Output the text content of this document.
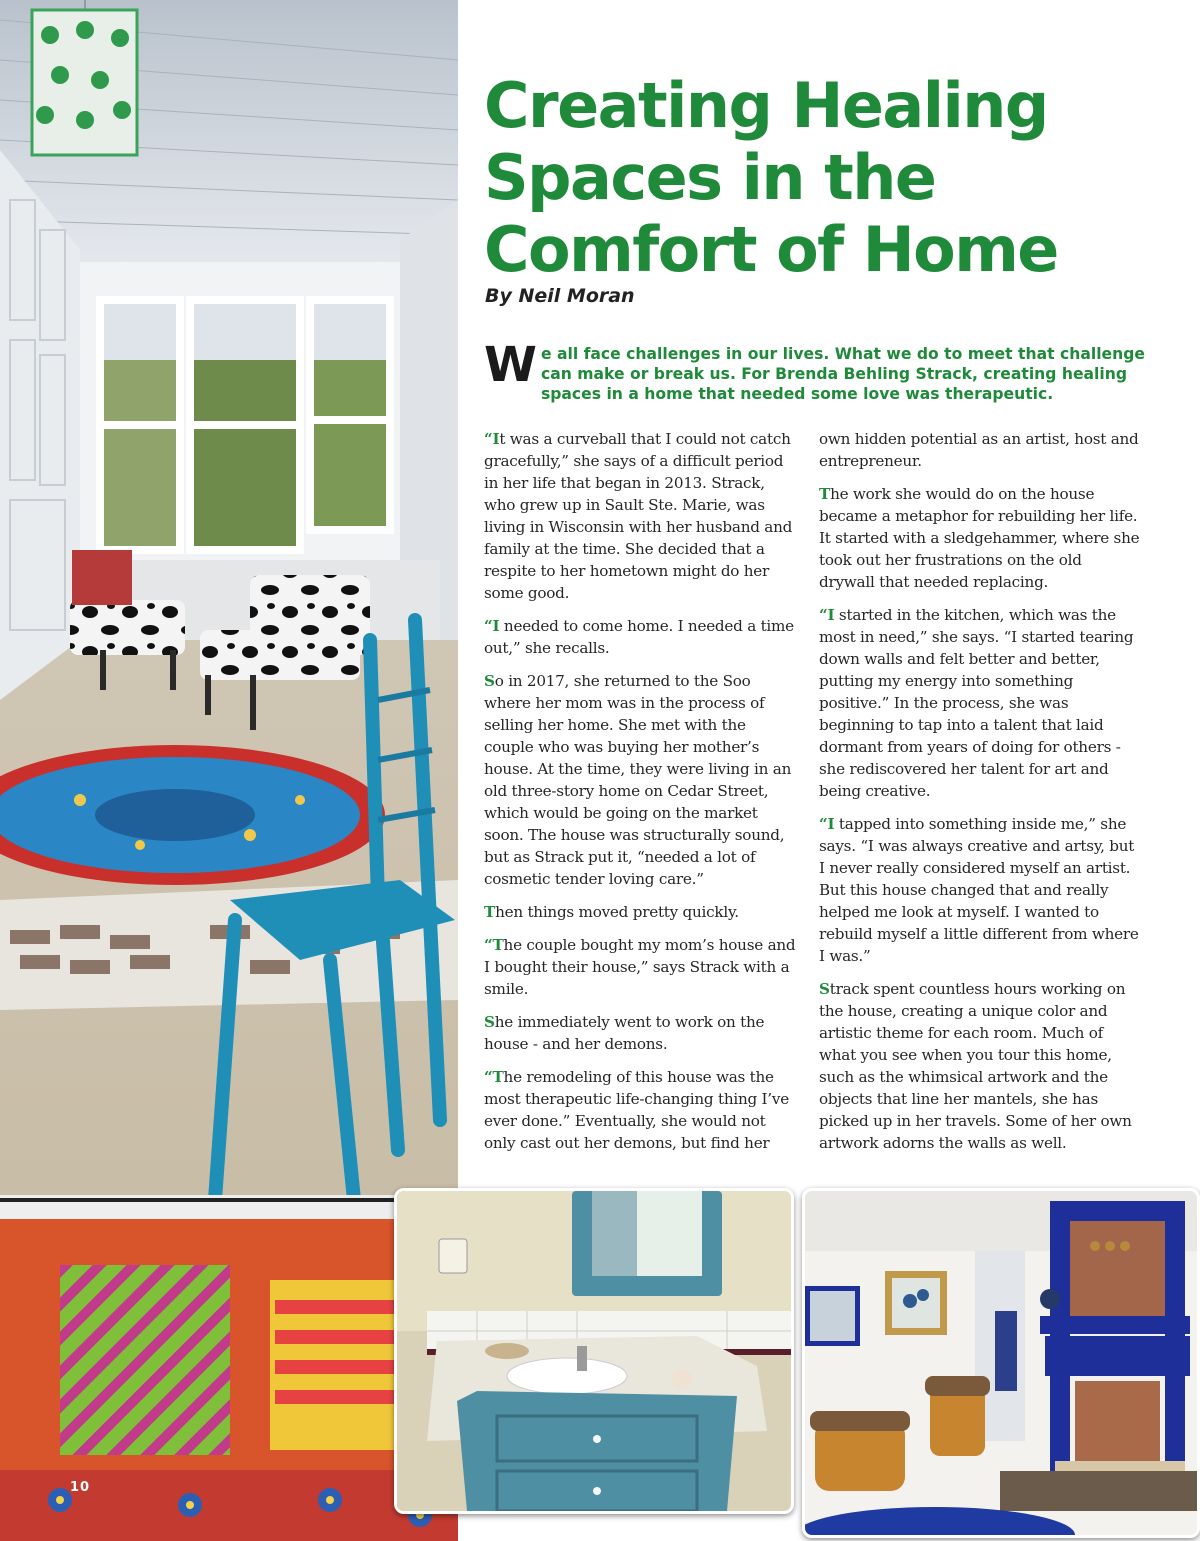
10
Creating Healing
Spaces in the
Comfort of Home
By Neil Moran

We all face challenges in our lives. What we do to meet that challenge can make or break us. For Brenda Behling Strack, creating healing spaces in a home that needed some love was therapeutic.

“It was a curveball that I could not catch gracefully,” she says of a difficult period in her life that began in 2013. Strack, who grew up in Sault Ste. Marie, was living in Wisconsin with her husband and family at the time. She decided that a respite to her hometown might do her some good.

“I needed to come home. I needed a time out,” she recalls.

So in 2017, she returned to the Soo where her mom was in the process of selling her home. She met with the couple who was buying her mother’s house. At the time, they were living in an old three-story home on Cedar Street, which would be going on the market soon. The house was structurally sound, but as Strack put it, “needed a lot of cosmetic tender loving care.”

Then things moved pretty quickly.

“The couple bought my mom’s house and I bought their house,” says Strack with a smile.

She immediately went to work on the house - and her demons.

“The remodeling of this house was the most therapeutic life-changing thing I’ve ever done.” Eventually, she would not only cast out her demons, but find her

own hidden potential as an artist, host and entrepreneur.

The work she would do on the house became a metaphor for rebuilding her life. It started with a sledgehammer, where she took out her frustrations on the old drywall that needed replacing.

“I started in the kitchen, which was the most in need,” she says. “I started tearing down walls and felt better and better, putting my energy into something positive.” In the process, she was beginning to tap into a talent that laid dormant from years of doing for others - she rediscovered her talent for art and being creative.

“I tapped into something inside me,” she says. “I was always creative and artsy, but I never really considered myself an artist. But this house changed that and really helped me look at myself. I wanted to rebuild myself a little different from where I was.”

Strack spent countless hours working on the house, creating a unique color and artistic theme for each room. Much of what you see when you tour this home, such as the whimsical artwork and the objects that line her mantels, she has picked up in her travels. Some of her own artwork adorns the walls as well.
